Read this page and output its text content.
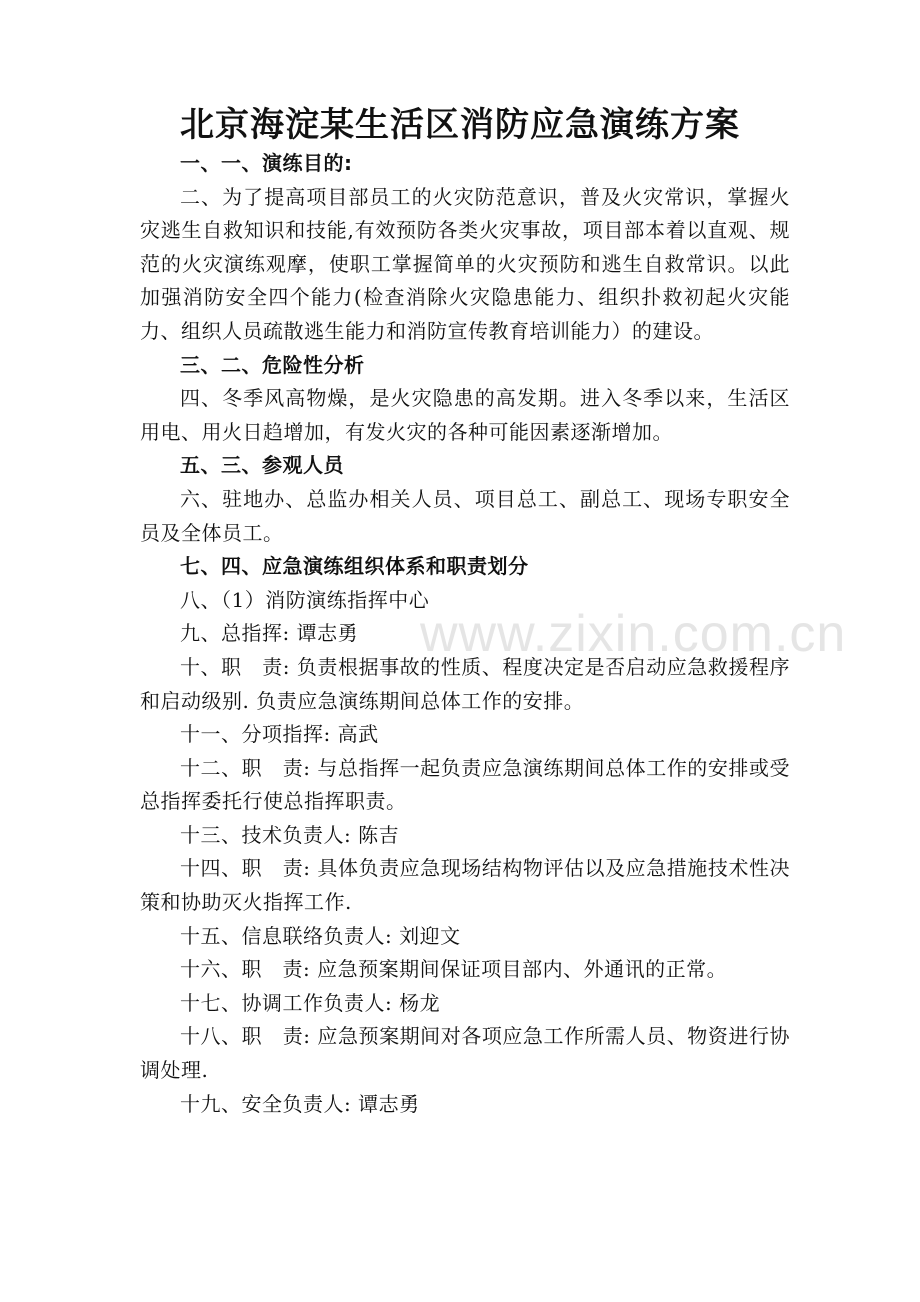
北京海淀某生活区消防应急演练方案

一、一、演练目的:

二、为了提高项目部员工的火灾防范意识，普及火灾常识，掌握火灾逃生自救知识和技能,有效预防各类火灾事故，项目部本着以直观、规范的火灾演练观摩，使职工掌握简单的火灾预防和逃生自救常识。以此加强消防安全四个能力(检查消除火灾隐患能力、组织扑救初起火灾能力、组织人员疏散逃生能力和消防宣传教育培训能力）的建设。

三、二、危险性分析

四、冬季风高物燥，是火灾隐患的高发期。进入冬季以来，生活区用电、用火日趋增加，有发火灾的各种可能因素逐渐增加。

五、三、参观人员

六、驻地办、总监办相关人员、项目总工、副总工、现场专职安全员及全体员工。

七、四、应急演练组织体系和职责划分

八、（1）消防演练指挥中心

九、总指挥: 谭志勇

十、职　责: 负责根据事故的性质、程度决定是否启动应急救援程序和启动级别. 负责应急演练期间总体工作的安排。

十一、分项指挥: 高武

十二、职　责: 与总指挥一起负责应急演练期间总体工作的安排或受总指挥委托行使总指挥职责。

十三、技术负责人: 陈吉

十四、职　责: 具体负责应急现场结构物评估以及应急措施技术性决策和协助灭火指挥工作.

十五、信息联络负责人: 刘迎文

十六、职　责: 应急预案期间保证项目部内、外通讯的正常。

十七、协调工作负责人: 杨龙

十八、职　责: 应急预案期间对各项应急工作所需人员、物资进行协调处理.

十九、安全负责人: 谭志勇

www.zixin.com.cn
